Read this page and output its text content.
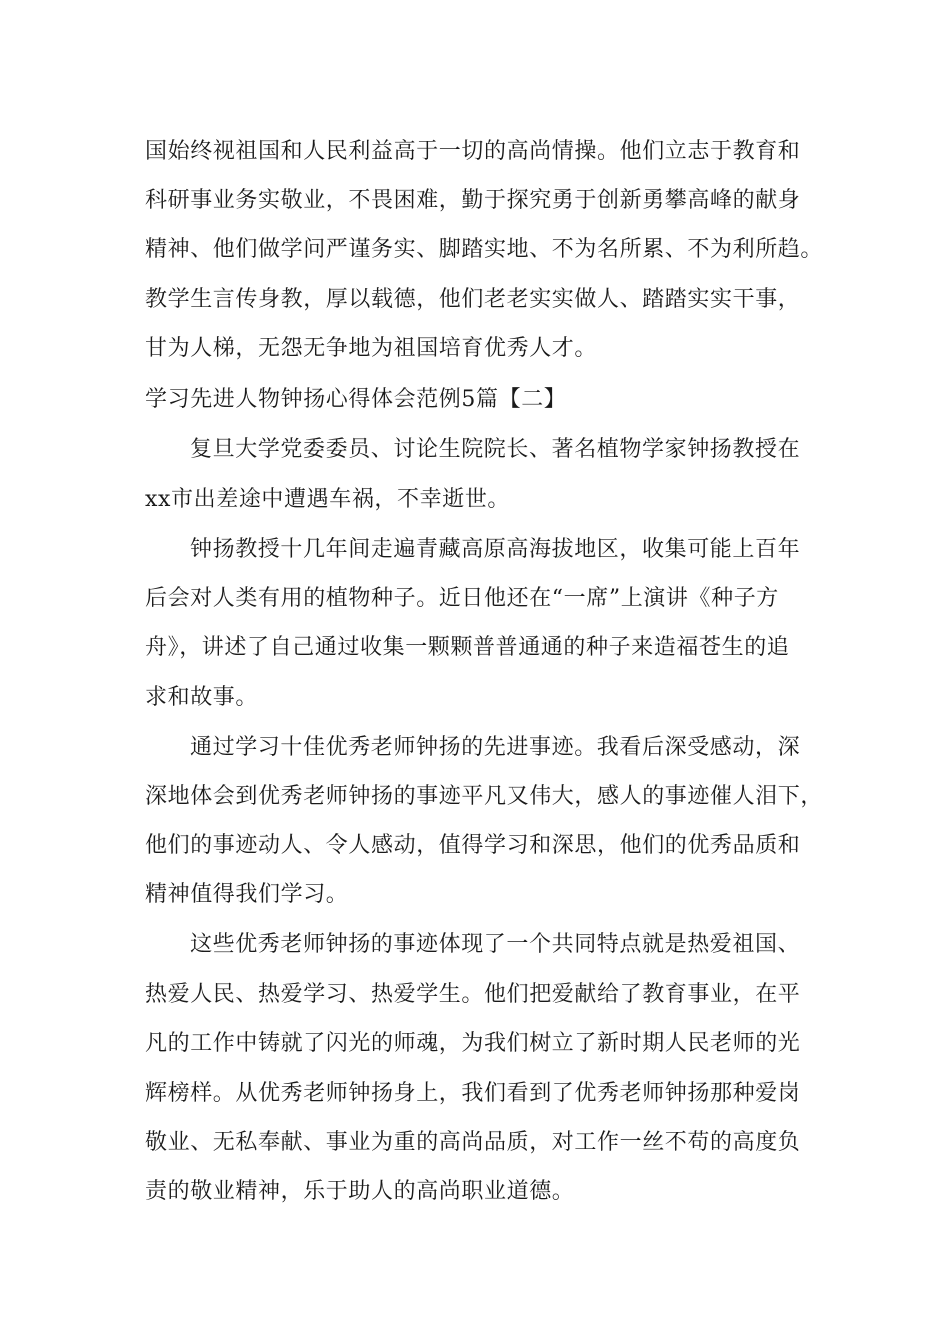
国始终视祖国和人民利益高于一切的高尚情操。他们立志于教育和
科研事业务实敬业，不畏困难，勤于探究勇于创新勇攀高峰的献身
精神、他们做学问严谨务实、脚踏实地、不为名所累、不为利所趋。
教学生言传身教，厚以载德，他们老老实实做人、踏踏实实干事，
甘为人梯，无怨无争地为祖国培育优秀人才。
学习先进人物钟扬心得体会范例5篇【二】
复旦大学党委委员、讨论生院院长、著名植物学家钟扬教授在
xx市出差途中遭遇车祸，不幸逝世。
钟扬教授十几年间走遍青藏高原高海拔地区，收集可能上百年
后会对人类有用的植物种子。近日他还在“一席”上演讲《种子方
舟》，讲述了自己通过收集一颗颗普普通通的种子来造福苍生的追
求和故事。
通过学习十佳优秀老师钟扬的先进事迹。我看后深受感动，深
深地体会到优秀老师钟扬的事迹平凡又伟大，感人的事迹催人泪下，
他们的事迹动人、令人感动，值得学习和深思，他们的优秀品质和
精神值得我们学习。
这些优秀老师钟扬的事迹体现了一个共同特点就是热爱祖国、
热爱人民、热爱学习、热爱学生。他们把爱献给了教育事业，在平
凡的工作中铸就了闪光的师魂，为我们树立了新时期人民老师的光
辉榜样。从优秀老师钟扬身上，我们看到了优秀老师钟扬那种爱岗
敬业、无私奉献、事业为重的高尚品质，对工作一丝不苟的高度负
责的敬业精神，乐于助人的高尚职业道德。
